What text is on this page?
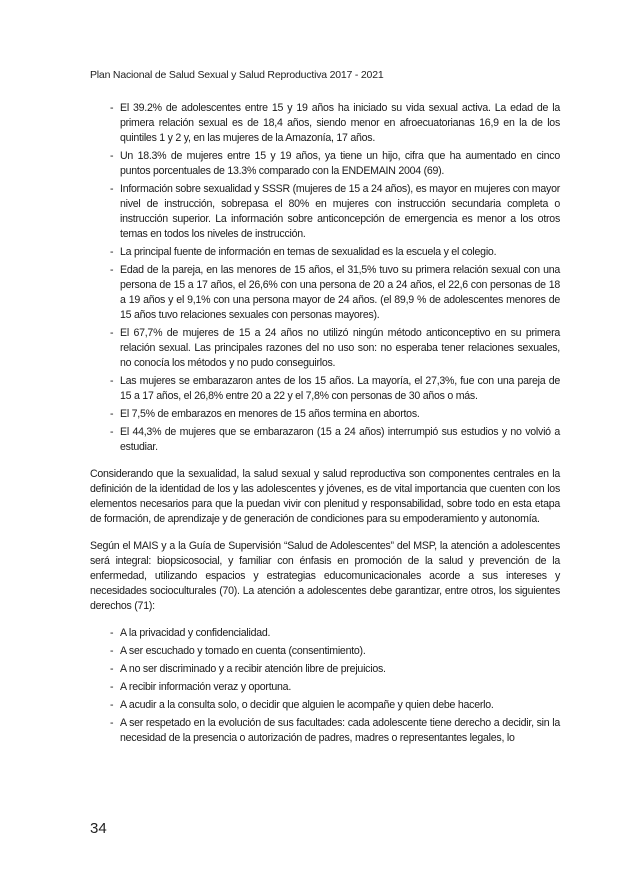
Plan Nacional de Salud Sexual y Salud Reproductiva 2017 - 2021
- El 39.2% de adolescentes entre 15 y 19 años ha iniciado su vida sexual activa. La edad de la primera relación sexual es de 18,4 años, siendo menor en afroecuatorianas 16,9 en la de los quintiles 1 y 2 y, en las mujeres de la Amazonía, 17 años.
- Un 18.3% de mujeres entre 15 y 19 años, ya tiene un hijo, cifra que ha aumentado en cinco puntos porcentuales de 13.3% comparado con la ENDEMAIN 2004 (69).
- Información sobre sexualidad y SSSR (mujeres de 15 a 24 años), es mayor en mujeres con mayor nivel de instrucción, sobrepasa el 80% en mujeres con instrucción secundaria completa o instrucción superior. La información sobre anticoncepción de emergencia es menor a los otros temas en todos los niveles de instrucción.
- La principal fuente de información en temas de sexualidad es la escuela y el colegio.
- Edad de la pareja, en las menores de 15 años, el 31,5% tuvo su primera relación sexual con una persona de 15 a 17 años, el 26,6% con una persona de 20 a 24 años, el 22,6 con personas de 18 a 19 años y el 9,1% con una persona mayor de 24 años. (el 89,9 % de adolescentes menores de 15 años tuvo relaciones sexuales con personas mayores).
- El 67,7% de mujeres de 15 a 24 años no utilizó ningún método anticonceptivo en su primera relación sexual. Las principales razones del no uso son: no esperaba tener relaciones sexuales, no conocía los métodos y no pudo conseguirlos.
- Las mujeres se embarazaron antes de los 15 años. La mayoría, el 27,3%, fue con una pareja de 15 a 17 años, el 26,8% entre 20 a 22 y el 7,8% con personas de 30 años o más.
- El 7,5% de embarazos en menores de 15 años termina en abortos.
- El 44,3% de mujeres que se embarazaron (15 a 24 años) interrumpió sus estudios y no volvió a estudiar.

Considerando que la sexualidad, la salud sexual y salud reproductiva son componentes centrales en la definición de la identidad de los y las adolescentes y jóvenes, es de vital importancia que cuenten con los elementos necesarios para que la puedan vivir con plenitud y responsabilidad, sobre todo en esta etapa de formación, de aprendizaje y de generación de condiciones para su empoderamiento y autonomía.

Según el MAIS y a la Guía de Supervisión “Salud de Adolescentes” del MSP, la atención a adolescentes será integral: biopsicosocial, y familiar con énfasis en promoción de la salud y prevención de la enfermedad, utilizando espacios y estrategias educomunicacionales acorde a sus intereses y necesidades socioculturales (70). La atención a adolescentes debe garantizar, entre otros, los siguientes derechos (71):

- A la privacidad y confidencialidad.
- A ser escuchado y tomado en cuenta (consentimiento).
- A no ser discriminado y a recibir atención libre de prejuicios.
- A recibir información veraz y oportuna.
- A acudir a la consulta solo, o decidir que alguien le acompañe y quien debe hacerlo.
- A ser respetado en la evolución de sus facultades: cada adolescente tiene derecho a decidir, sin la necesidad de la presencia o autorización de padres, madres o representantes legales, lo
34
